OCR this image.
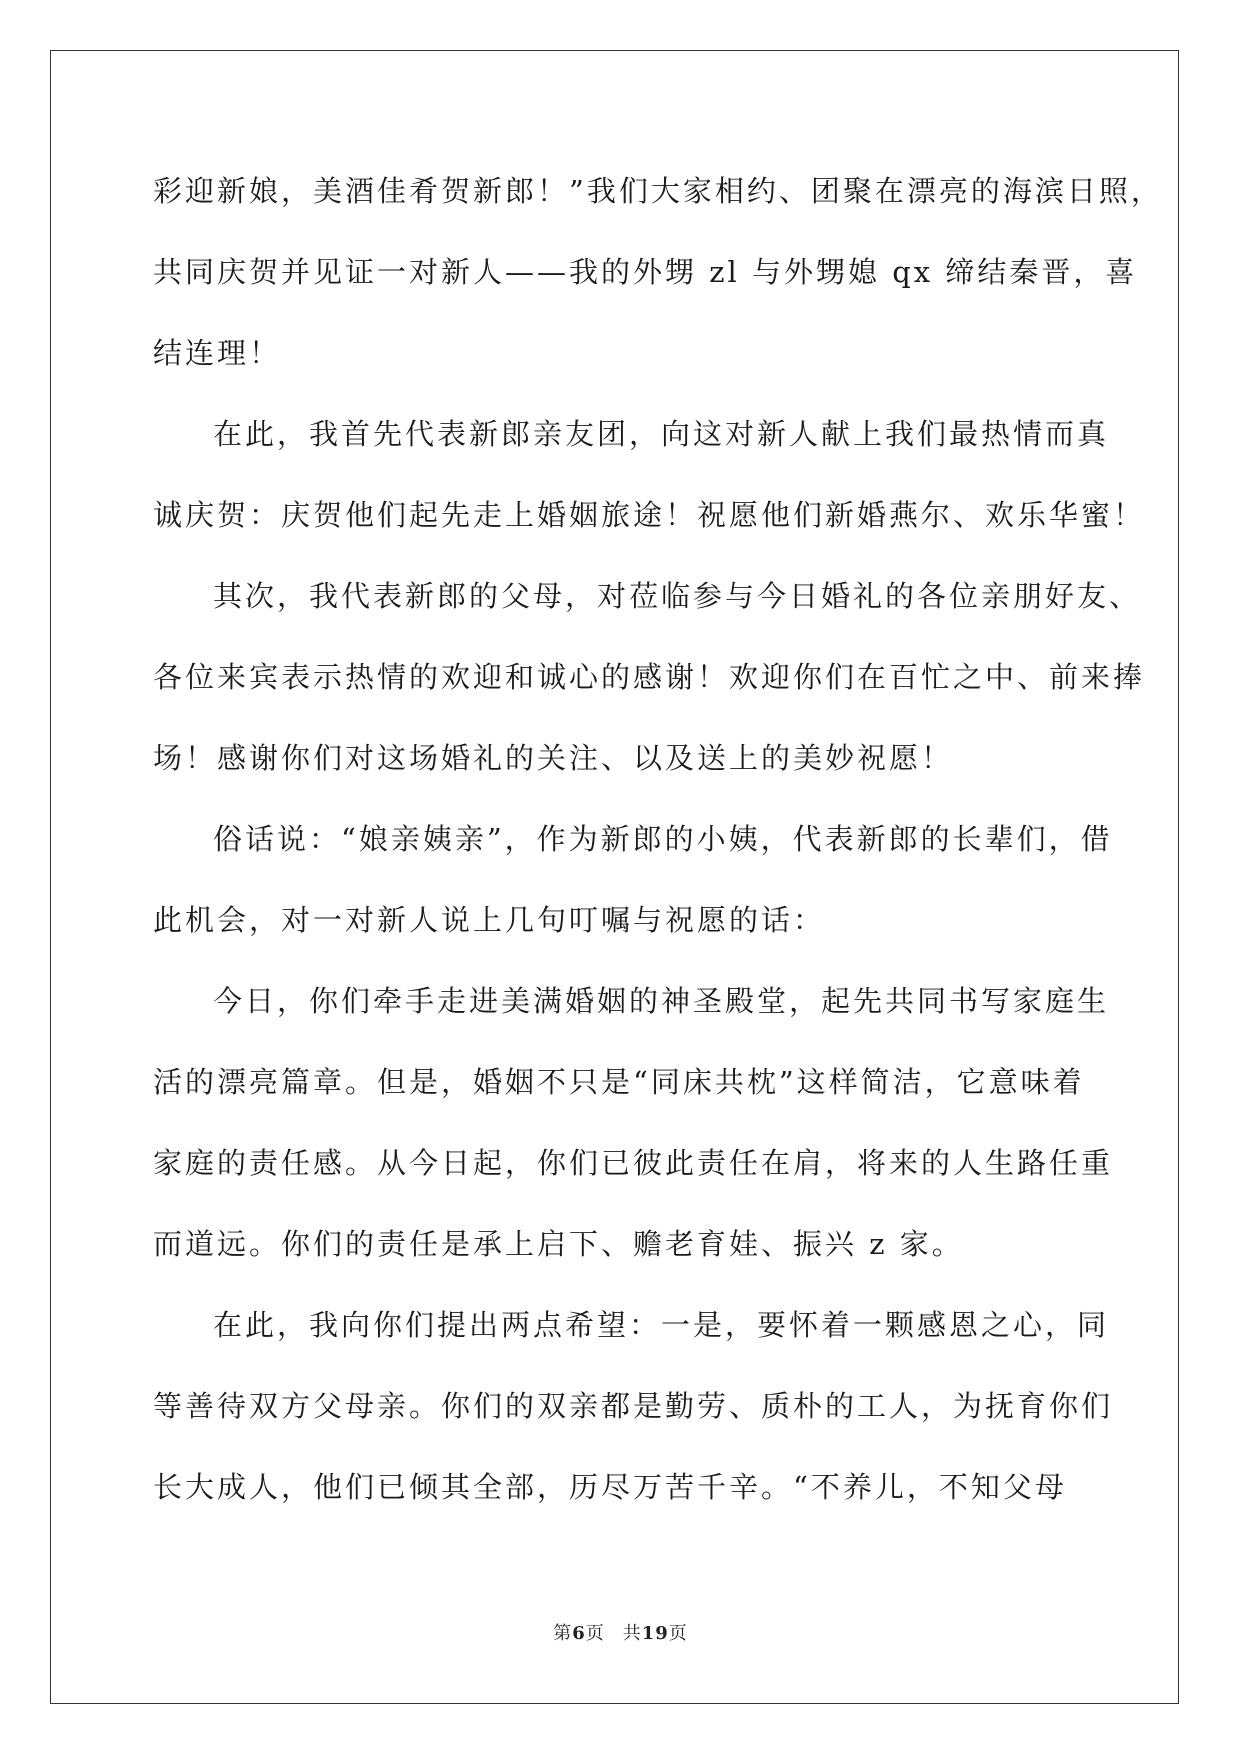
彩迎新娘，美酒佳肴贺新郎！”我们大家相约、团聚在漂亮的海滨日照，
共同庆贺并见证一对新人——我的外甥 zl 与外甥媳 qx 缔结秦晋，喜
结连理！
在此，我首先代表新郎亲友团，向这对新人献上我们最热情而真
诚庆贺：庆贺他们起先走上婚姻旅途！祝愿他们新婚燕尔、欢乐华蜜！
其次，我代表新郎的父母，对莅临参与今日婚礼的各位亲朋好友、
各位来宾表示热情的欢迎和诚心的感谢！欢迎你们在百忙之中、前来捧
场！感谢你们对这场婚礼的关注、以及送上的美妙祝愿！
俗话说：“娘亲姨亲”，作为新郎的小姨，代表新郎的长辈们，借
此机会，对一对新人说上几句叮嘱与祝愿的话：
今日，你们牵手走进美满婚姻的神圣殿堂，起先共同书写家庭生
活的漂亮篇章。但是，婚姻不只是“同床共枕”这样简洁，它意味着
家庭的责任感。从今日起，你们已彼此责任在肩，将来的人生路任重
而道远。你们的责任是承上启下、赡老育娃、振兴 z 家。
在此，我向你们提出两点希望：一是，要怀着一颗感恩之心，同
等善待双方父母亲。你们的双亲都是勤劳、质朴的工人，为抚育你们
长大成人，他们已倾其全部，历尽万苦千辛。“不养儿，不知父母
第6页 共19页
